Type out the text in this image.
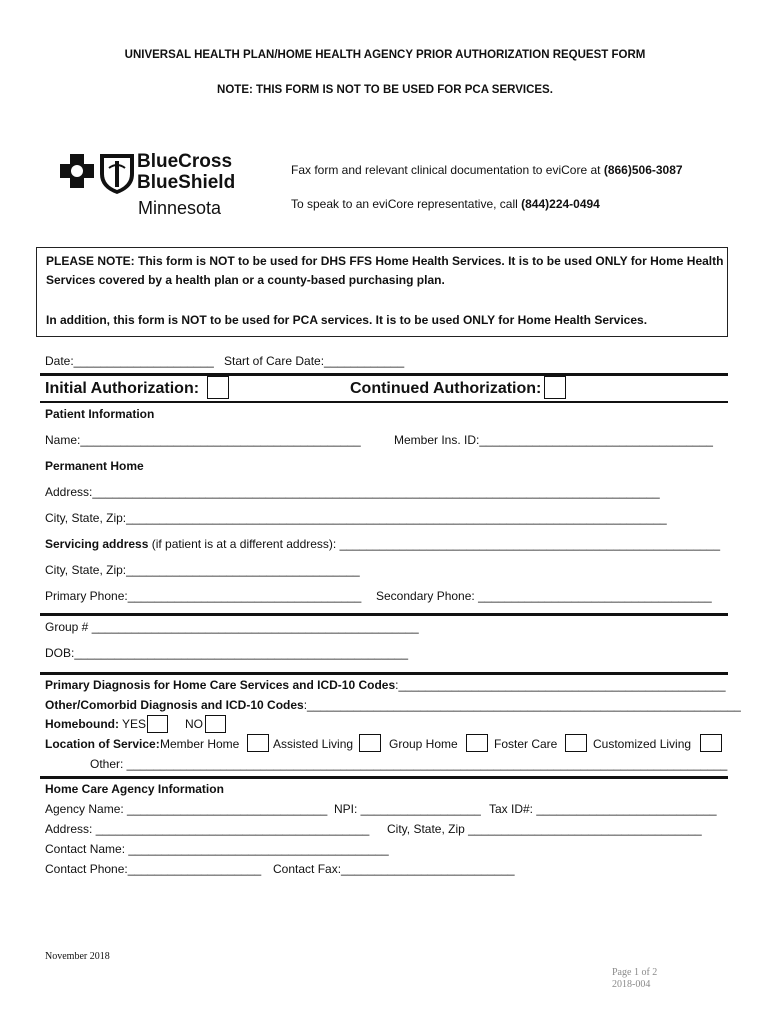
UNIVERSAL HEALTH PLAN/HOME HEALTH AGENCY PRIOR AUTHORIZATION REQUEST FORM
NOTE: THIS FORM IS NOT TO BE USED FOR PCA SERVICES.
BlueCross
BlueShield
Minnesota
Fax form and relevant clinical documentation to eviCore at (866)506-3087
To speak to an eviCore representative, call (844)224-0494
PLEASE NOTE: This form is NOT to be used for DHS FFS Home Health Services. It is to be used ONLY for Home Health
Services covered by a health plan or a county-based purchasing plan.
In addition, this form is NOT to be used for PCA services. It is to be used ONLY for Home Health Services.
Date:_____________________ Start of Care Date:____________
Initial Authorization:	Continued Authorization:
Patient Information
Name:__________________________________________	Member Ins. ID:___________________________________
Permanent Home
Address:_____________________________________________________________________________________
City, State, Zip:_________________________________________________________________________________
Servicing address (if patient is at a different address): _________________________________________________________
City, State, Zip:___________________________________
Primary Phone:___________________________________ Secondary Phone: ___________________________________
Group # _________________________________________________
DOB:__________________________________________________
Primary Diagnosis for Home Care Services and ICD-10 Codes:_________________________________________________
Other/Comorbid Diagnosis and ICD-10 Codes:_________________________________________________________________
Homebound: YES	NO
Location of Service: Member Home	Assisted Living	Group Home	Foster Care	Customized Living
Other: __________________________________________________________________________________________
Home Care Agency Information
Agency Name: ______________________________ NPI: __________________ Tax ID#: ___________________________
Address: _________________________________________ City, State, Zip ___________________________________
Contact Name: _______________________________________
Contact Phone:____________________ Contact Fax:__________________________
November 2018
Page 1 of 2
2018-004
